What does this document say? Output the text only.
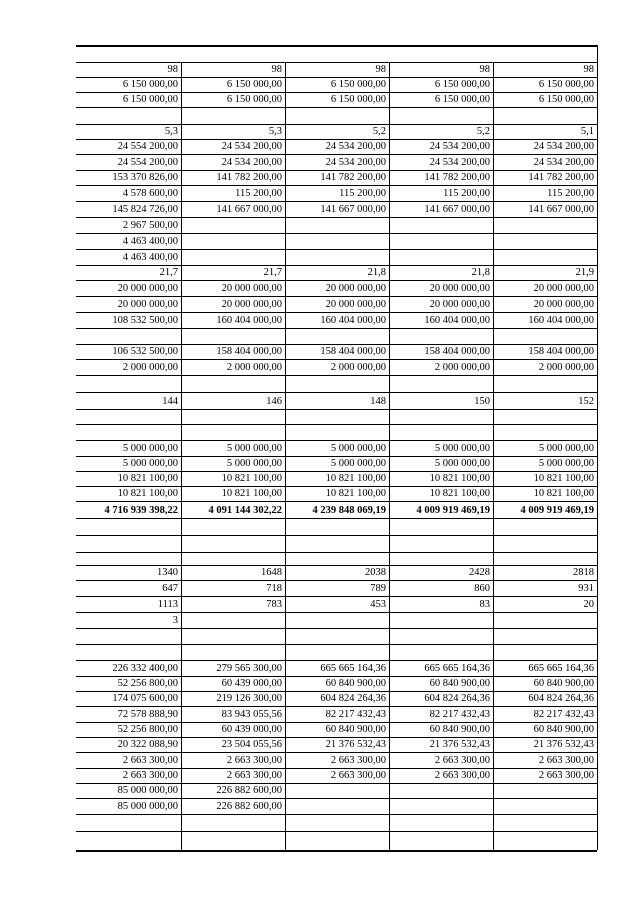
98	98	98	98	98
6 150 000,00	6 150 000,00	6 150 000,00	6 150 000,00	6 150 000,00
6 150 000,00	6 150 000,00	6 150 000,00	6 150 000,00	6 150 000,00
5,3	5,3	5,2	5,2	5,1
24 554 200,00	24 534 200,00	24 534 200,00	24 534 200,00	24 534 200,00
24 554 200,00	24 534 200,00	24 534 200,00	24 534 200,00	24 534 200,00
153 370 826,00	141 782 200,00	141 782 200,00	141 782 200,00	141 782 200,00
4 578 600,00	115 200,00	115 200,00	115 200,00	115 200,00
145 824 726,00	141 667 000,00	141 667 000,00	141 667 000,00	141 667 000,00
2 967 500,00
4 463 400,00
4 463 400,00
21,7	21,7	21,8	21,8	21,9
20 000 000,00	20 000 000,00	20 000 000,00	20 000 000,00	20 000 000,00
20 000 000,00	20 000 000,00	20 000 000,00	20 000 000,00	20 000 000,00
108 532 500,00	160 404 000,00	160 404 000,00	160 404 000,00	160 404 000,00
106 532 500,00	158 404 000,00	158 404 000,00	158 404 000,00	158 404 000,00
2 000 000,00	2 000 000,00	2 000 000,00	2 000 000,00	2 000 000,00
144	146	148	150	152
5 000 000,00	5 000 000,00	5 000 000,00	5 000 000,00	5 000 000,00
5 000 000,00	5 000 000,00	5 000 000,00	5 000 000,00	5 000 000,00
10 821 100,00	10 821 100,00	10 821 100,00	10 821 100,00	10 821 100,00
10 821 100,00	10 821 100,00	10 821 100,00	10 821 100,00	10 821 100,00
4 716 939 398,22	4 091 144 302,22	4 239 848 069,19	4 009 919 469,19	4 009 919 469,19
1340	1648	2038	2428	2818
647	718	789	860	931
1113	783	453	83	20
3
226 332 400,00	279 565 300,00	665 665 164,36	665 665 164,36	665 665 164,36
52 256 800,00	60 439 000,00	60 840 900,00	60 840 900,00	60 840 900,00
174 075 600,00	219 126 300,00	604 824 264,36	604 824 264,36	604 824 264,36
72 578 888,90	83 943 055,56	82 217 432,43	82 217 432,43	82 217 432,43
52 256 800,00	60 439 000,00	60 840 900,00	60 840 900,00	60 840 900,00
20 322 088,90	23 504 055,56	21 376 532,43	21 376 532,43	21 376 532,43
2 663 300,00	2 663 300,00	2 663 300,00	2 663 300,00	2 663 300,00
2 663 300,00	2 663 300,00	2 663 300,00	2 663 300,00	2 663 300,00
85 000 000,00	226 882 600,00
85 000 000,00	226 882 600,00
